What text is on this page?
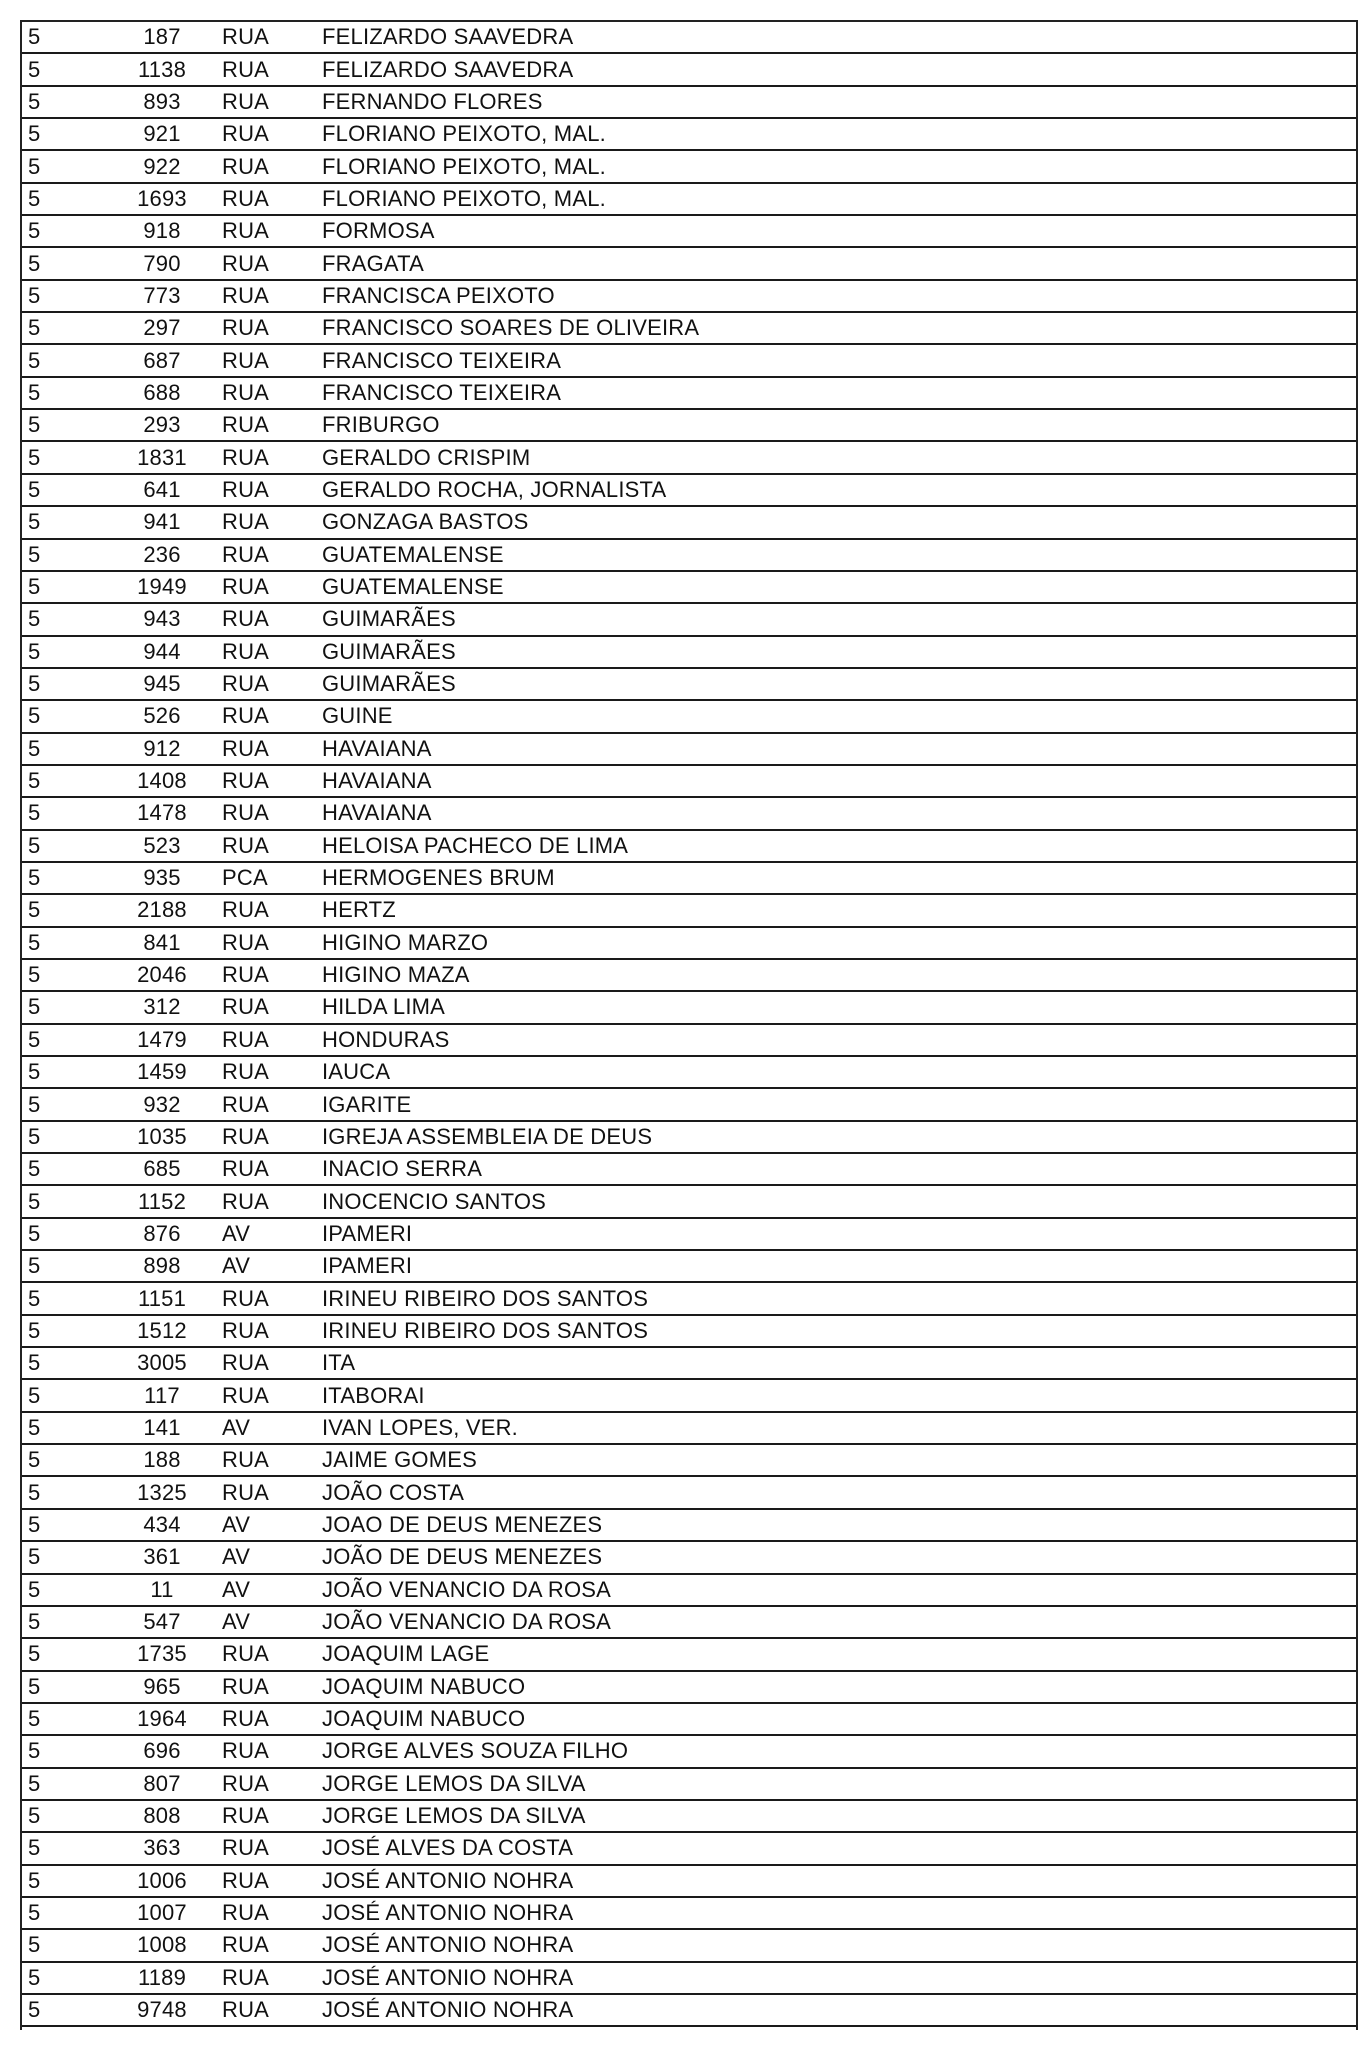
5	187	RUA	FELIZARDO SAAVEDRA
5	1138	RUA	FELIZARDO SAAVEDRA
5	893	RUA	FERNANDO FLORES
5	921	RUA	FLORIANO PEIXOTO, MAL.
5	922	RUA	FLORIANO PEIXOTO, MAL.
5	1693	RUA	FLORIANO PEIXOTO, MAL.
5	918	RUA	FORMOSA
5	790	RUA	FRAGATA
5	773	RUA	FRANCISCA PEIXOTO
5	297	RUA	FRANCISCO SOARES DE OLIVEIRA
5	687	RUA	FRANCISCO TEIXEIRA
5	688	RUA	FRANCISCO TEIXEIRA
5	293	RUA	FRIBURGO
5	1831	RUA	GERALDO CRISPIM
5	641	RUA	GERALDO ROCHA, JORNALISTA
5	941	RUA	GONZAGA BASTOS
5	236	RUA	GUATEMALENSE
5	1949	RUA	GUATEMALENSE
5	943	RUA	GUIMARÃES
5	944	RUA	GUIMARÃES
5	945	RUA	GUIMARÃES
5	526	RUA	GUINE
5	912	RUA	HAVAIANA
5	1408	RUA	HAVAIANA
5	1478	RUA	HAVAIANA
5	523	RUA	HELOISA PACHECO DE LIMA
5	935	PCA	HERMOGENES BRUM
5	2188	RUA	HERTZ
5	841	RUA	HIGINO MARZO
5	2046	RUA	HIGINO MAZA
5	312	RUA	HILDA LIMA
5	1479	RUA	HONDURAS
5	1459	RUA	IAUCA
5	932	RUA	IGARITE
5	1035	RUA	IGREJA ASSEMBLEIA DE DEUS
5	685	RUA	INACIO SERRA
5	1152	RUA	INOCENCIO SANTOS
5	876	AV	IPAMERI
5	898	AV	IPAMERI
5	1151	RUA	IRINEU RIBEIRO DOS SANTOS
5	1512	RUA	IRINEU RIBEIRO DOS SANTOS
5	3005	RUA	ITA
5	117	RUA	ITABORAI
5	141	AV	IVAN LOPES, VER.
5	188	RUA	JAIME GOMES
5	1325	RUA	JOÃO COSTA
5	434	AV	JOAO DE DEUS MENEZES
5	361	AV	JOÃO DE DEUS MENEZES
5	11	AV	JOÃO VENANCIO DA ROSA
5	547	AV	JOÃO VENANCIO DA ROSA
5	1735	RUA	JOAQUIM LAGE
5	965	RUA	JOAQUIM NABUCO
5	1964	RUA	JOAQUIM NABUCO
5	696	RUA	JORGE ALVES SOUZA FILHO
5	807	RUA	JORGE LEMOS DA SILVA
5	808	RUA	JORGE LEMOS DA SILVA
5	363	RUA	JOSÉ ALVES DA COSTA
5	1006	RUA	JOSÉ ANTONIO NOHRA
5	1007	RUA	JOSÉ ANTONIO NOHRA
5	1008	RUA	JOSÉ ANTONIO NOHRA
5	1189	RUA	JOSÉ ANTONIO NOHRA
5	9748	RUA	JOSÉ ANTONIO NOHRA
